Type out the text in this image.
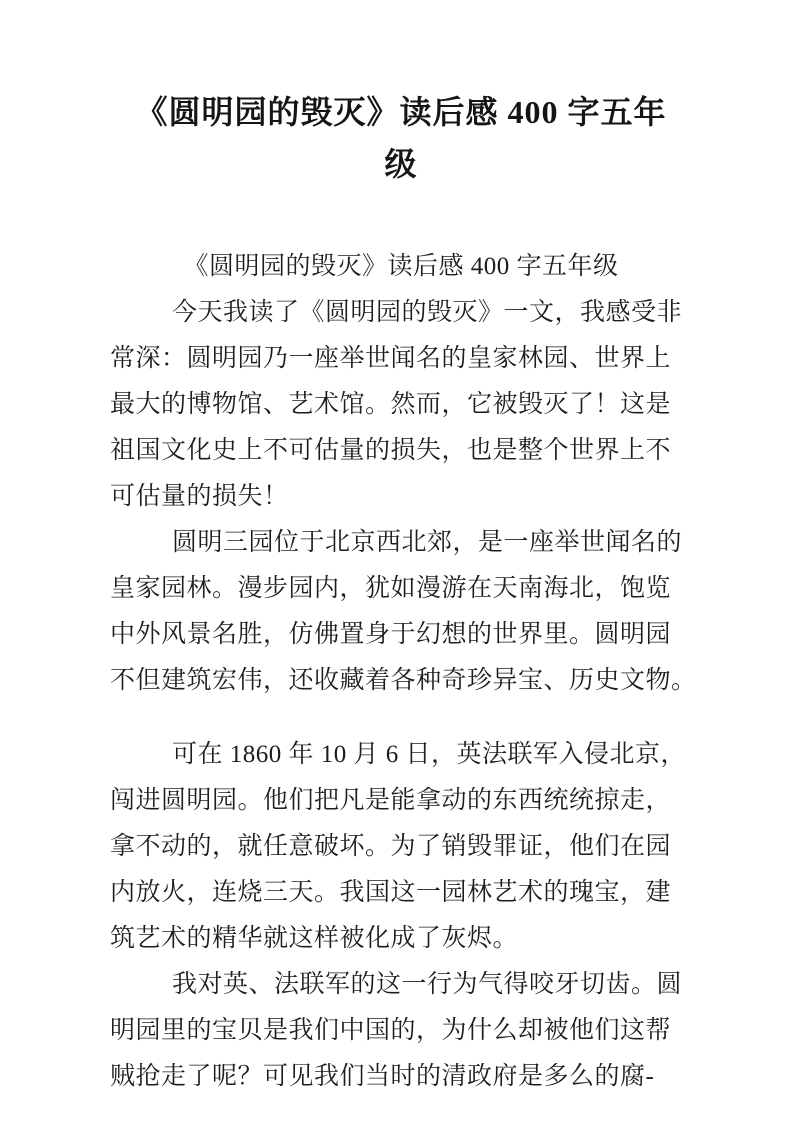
《圆明园的毁灭》读后感 400 字五年
级
《圆明园的毁灭》读后感 400 字五年级
今天我读了《圆明园的毁灭》一文，我感受非
常深：圆明园乃一座举世闻名的皇家林园、世界上
最大的博物馆、艺术馆。然而，它被毁灭了！这是
祖国文化史上不可估量的损失，也是整个世界上不
可估量的损失！
圆明三园位于北京西北郊，是一座举世闻名的
皇家园林。漫步园内，犹如漫游在天南海北，饱览
中外风景名胜，仿佛置身于幻想的世界里。圆明园
不但建筑宏伟，还收藏着各种奇珍异宝、历史文物。
可在 1860 年 10 月 6 日，英法联军入侵北京，
闯进圆明园。他们把凡是能拿动的东西统统掠走，
拿不动的，就任意破坏。为了销毁罪证，他们在园
内放火，连烧三天。我国这一园林艺术的瑰宝，建
筑艺术的精华就这样被化成了灰烬。
我对英、法联军的这一行为气得咬牙切齿。圆
明园里的宝贝是我们中国的，为什么却被他们这帮
贼抢走了呢？可见我们当时的清政府是多么的腐-
